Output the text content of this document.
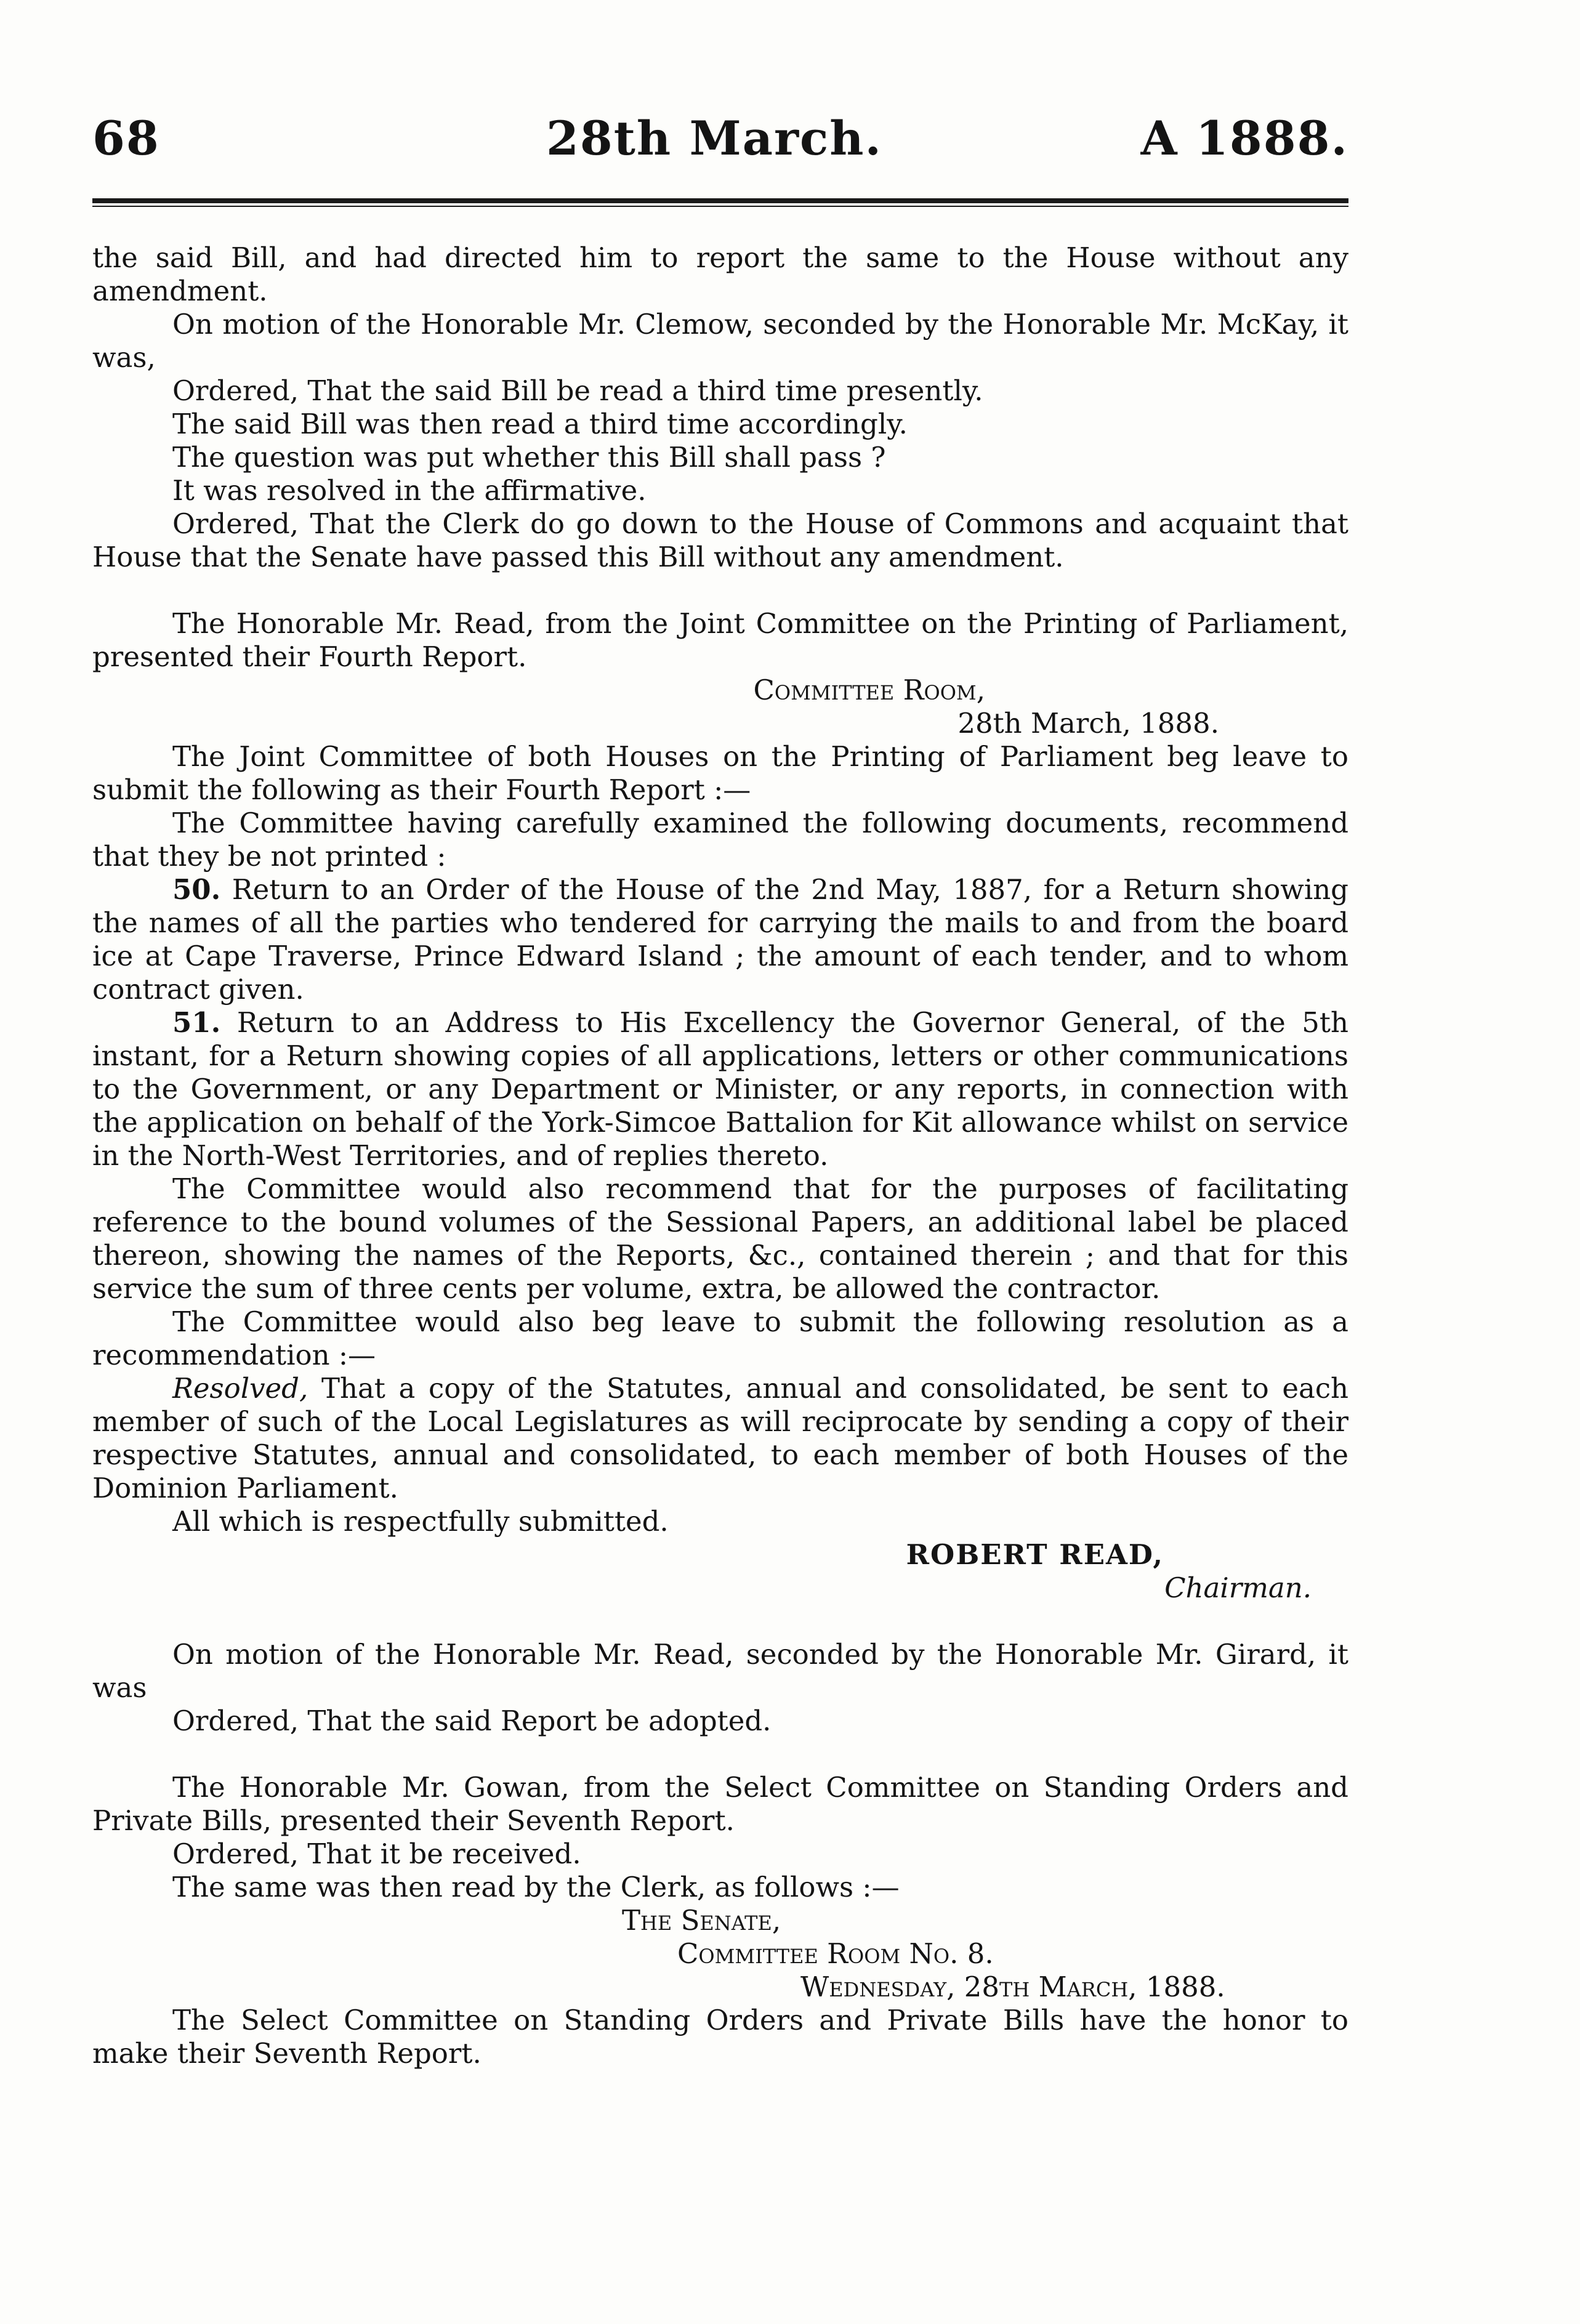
68	28th March.	A 1888.

the said Bill, and had directed him to report the same to the House without any amendment.

On motion of the Honorable Mr. Clemow, seconded by the Honorable Mr. McKay, it was,

Ordered, That the said Bill be read a third time presently.

The said Bill was then read a third time accordingly.

The question was put whether this Bill shall pass ?

It was resolved in the affirmative.

Ordered, That the Clerk do go down to the House of Commons and acquaint that House that the Senate have passed this Bill without any amendment.

The Honorable Mr. Read, from the Joint Committee on the Printing of Parliament, presented their Fourth Report.

Committee Room,

28th March, 1888.

The Joint Committee of both Houses on the Printing of Parliament beg leave to submit the following as their Fourth Report :—

The Committee having carefully examined the following documents, recommend that they be not printed :

50. Return to an Order of the House of the 2nd May, 1887, for a Return showing the names of all the parties who tendered for carrying the mails to and from the board ice at Cape Traverse, Prince Edward Island ; the amount of each tender, and to whom contract given.

51. Return to an Address to His Excellency the Governor General, of the 5th instant, for a Return showing copies of all applications, letters or other communications to the Government, or any Department or Minister, or any reports, in connection with the application on behalf of the York-Simcoe Battalion for Kit allowance whilst on service in the North-West Territories, and of replies thereto.

The Committee would also recommend that for the purposes of facilitating reference to the bound volumes of the Sessional Papers, an additional label be placed thereon, showing the names of the Reports, &c., contained therein ; and that for this service the sum of three cents per volume, extra, be allowed the contractor.

The Committee would also beg leave to submit the following resolution as a recommendation :—

Resolved, That a copy of the Statutes, annual and consolidated, be sent to each member of such of the Local Legislatures as will reciprocate by sending a copy of their respective Statutes, annual and consolidated, to each member of both Houses of the Dominion Parliament.

All which is respectfully submitted.

ROBERT READ,

Chairman.

On motion of the Honorable Mr. Read, seconded by the Honorable Mr. Girard, it was

Ordered, That the said Report be adopted.

The Honorable Mr. Gowan, from the Select Committee on Standing Orders and Private Bills, presented their Seventh Report.

Ordered, That it be received.

The same was then read by the Clerk, as follows :—

The Senate,

Committee Room No. 8.

Wednesday, 28th March, 1888.

The Select Committee on Standing Orders and Private Bills have the honor to make their Seventh Report.
